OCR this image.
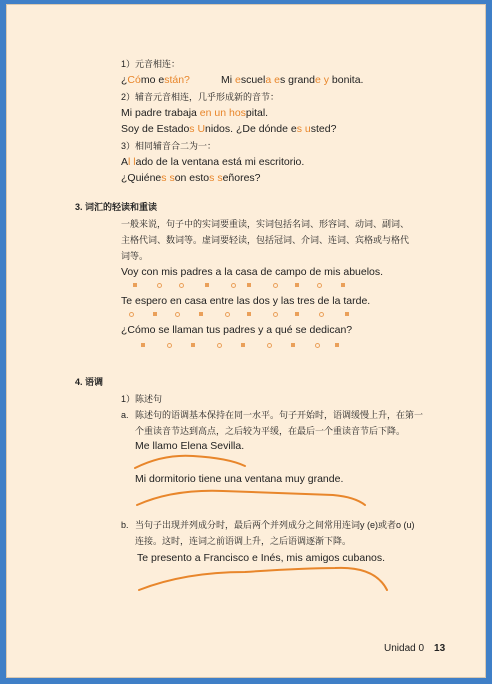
1）元音相连：
¿Cómo están?	Mi escuela es grande y bonita.
2）辅音元音相连，几乎形成新的音节：
Mi padre trabaja en un hospital.
Soy de Estados Unidos. ¿De dónde es usted?
3）相同辅音合二为一：
Al lado de la ventana está mi escritorio.
¿Quiénes son estos señores?
3. 词汇的轻读和重读
一般来说，句子中的实词要重读，实词包括名词、形容词、动词、副词、
主格代词、数词等。虚词要轻读，包括冠词、介词、连词、宾格或与格代
词等。
Voy con mis padres a la casa de campo de mis abuelos.
Te espero en casa entre las dos y las tres de la tarde.
¿Cómo se llaman tus padres y a qué se dedican?
4. 语调
1）陈述句
a. 陈述句的语调基本保持在同一水平。句子开始时，语调缓慢上升，在第一
个重读音节达到高点，之后较为平缓，在最后一个重读音节后下降。
Me llamo Elena Sevilla.
Mi dormitorio tiene una ventana muy grande.
b. 当句子出现并列成分时，最后两个并列成分之间常用连词y (e)或者o (u)
连接。这时，连词之前语调上升，之后语调逐渐下降。
Te presento a Francisco e Inés, mis amigos cubanos.
Unidad 0 13
